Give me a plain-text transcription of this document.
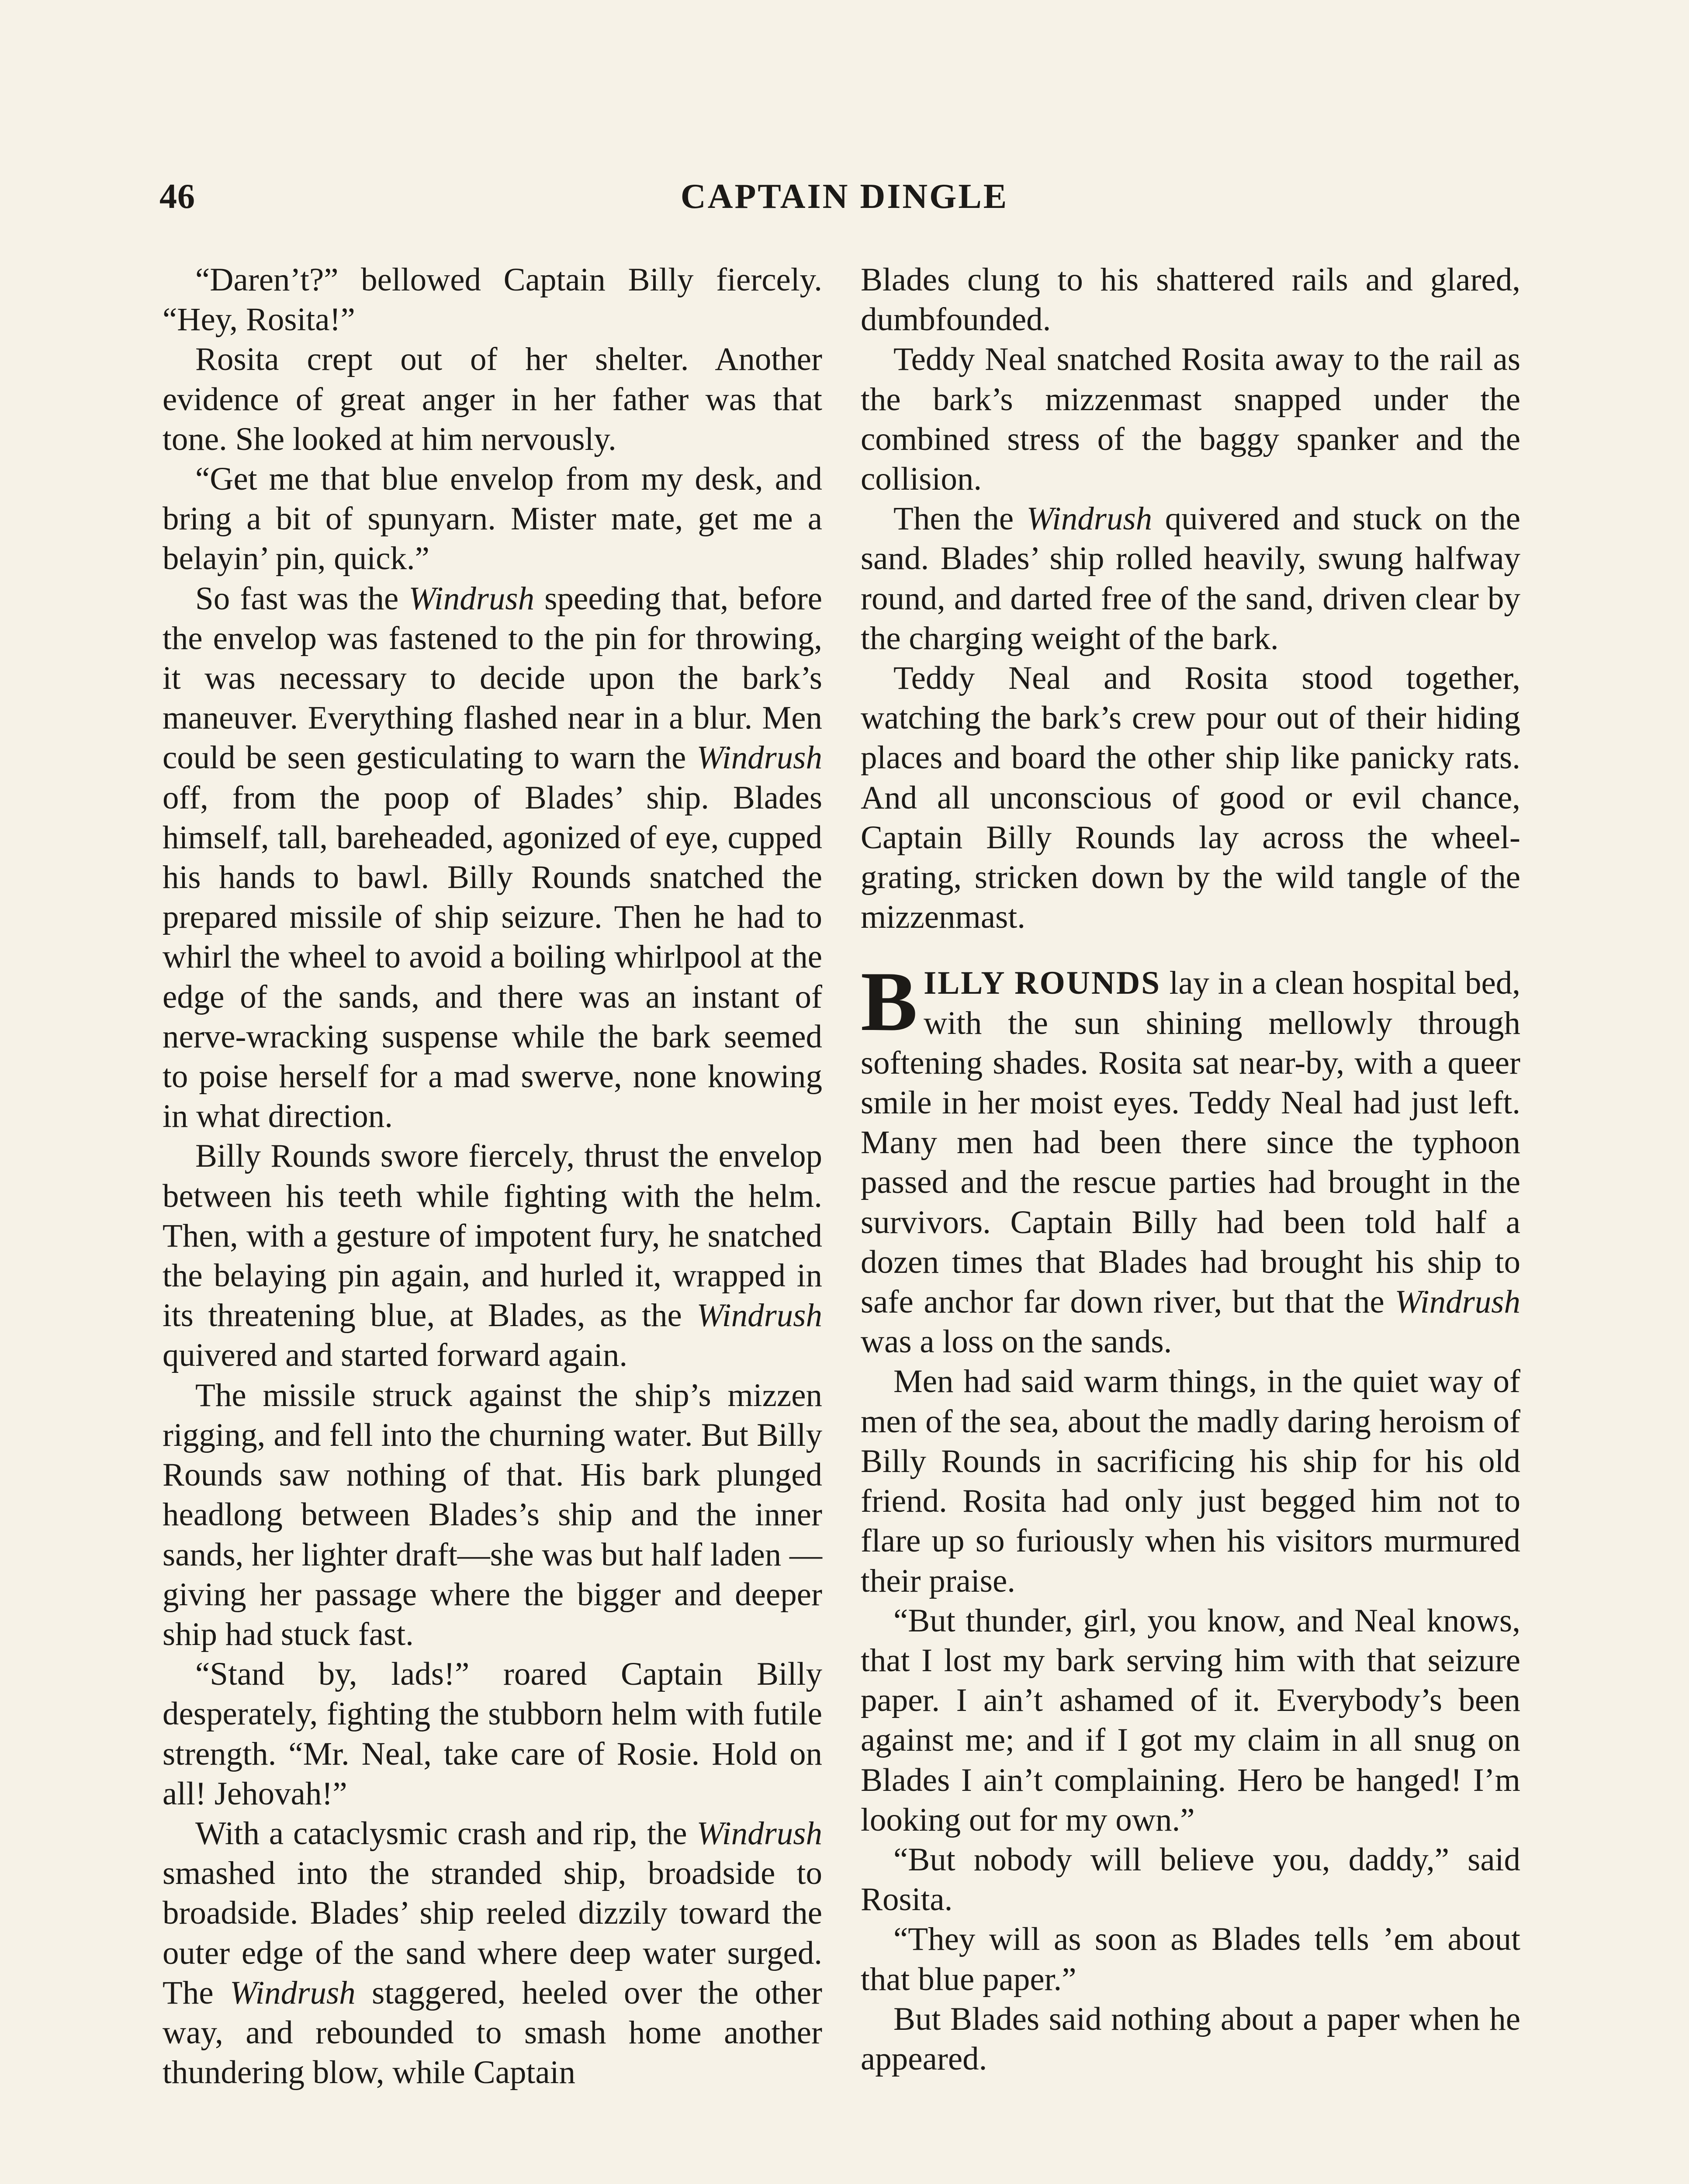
46	CAPTAIN DINGLE

“Daren’t?” bellowed Captain Billy fiercely. “Hey, Rosita!”

Rosita crept out of her shelter. Another evidence of great anger in her father was that tone. She looked at him nervously.

“Get me that blue envelop from my desk, and bring a bit of spunyarn. Mister mate, get me a belayin’ pin, quick.”

So fast was the Windrush speeding that, before the envelop was fastened to the pin for throwing, it was necessary to decide upon the bark’s maneuver. Everything flashed near in a blur. Men could be seen gesticulating to warn the Windrush off, from the poop of Blades’ ship. Blades himself, tall, bareheaded, agonized of eye, cupped his hands to bawl. Billy Rounds snatched the prepared missile of ship seizure. Then he had to whirl the wheel to avoid a boiling whirlpool at the edge of the sands, and there was an instant of nerve-wracking suspense while the bark seemed to poise herself for a mad swerve, none knowing in what direction.

Billy Rounds swore fiercely, thrust the envelop between his teeth while fighting with the helm. Then, with a gesture of impotent fury, he snatched the belaying pin again, and hurled it, wrapped in its threatening blue, at Blades, as the Windrush quivered and started forward again.

The missile struck against the ship’s mizzen rigging, and fell into the churning water. But Billy Rounds saw nothing of that. His bark plunged headlong between Blades’s ship and the inner sands, her lighter draft—she was but half laden —giving her passage where the bigger and deeper ship had stuck fast.

“Stand by, lads!” roared Captain Billy desperately, fighting the stubborn helm with futile strength. “Mr. Neal, take care of Rosie. Hold on all! Jehovah!”

With a cataclysmic crash and rip, the Windrush smashed into the stranded ship, broadside to broadside. Blades’ ship reeled dizzily toward the outer edge of the sand where deep water surged. The Windrush staggered, heeled over the other way, and rebounded to smash home another thundering blow, while Captain

Blades clung to his shattered rails and glared, dumbfounded.

Teddy Neal snatched Rosita away to the rail as the bark’s mizzenmast snapped under the combined stress of the baggy spanker and the collision.

Then the Windrush quivered and stuck on the sand. Blades’ ship rolled heavily, swung halfway round, and darted free of the sand, driven clear by the charging weight of the bark.

Teddy Neal and Rosita stood together, watching the bark’s crew pour out of their hiding places and board the other ship like panicky rats. And all unconscious of good or evil chance, Captain Billy Rounds lay across the wheel-grating, stricken down by the wild tangle of the mizzenmast.

BILLY ROUNDS lay in a clean hospital bed, with the sun shining mellowly through softening shades. Rosita sat near-by, with a queer smile in her moist eyes. Teddy Neal had just left. Many men had been there since the typhoon passed and the rescue parties had brought in the survivors. Captain Billy had been told half a dozen times that Blades had brought his ship to safe anchor far down river, but that the Windrush was a loss on the sands.

Men had said warm things, in the quiet way of men of the sea, about the madly daring heroism of Billy Rounds in sacrificing his ship for his old friend. Rosita had only just begged him not to flare up so furiously when his visitors murmured their praise.

“But thunder, girl, you know, and Neal knows, that I lost my bark serving him with that seizure paper. I ain’t ashamed of it. Everybody’s been against me; and if I got my claim in all snug on Blades I ain’t complaining. Hero be hanged! I’m looking out for my own.”

“But nobody will believe you, daddy,” said Rosita.

“They will as soon as Blades tells ’em about that blue paper.”

But Blades said nothing about a paper when he appeared.
